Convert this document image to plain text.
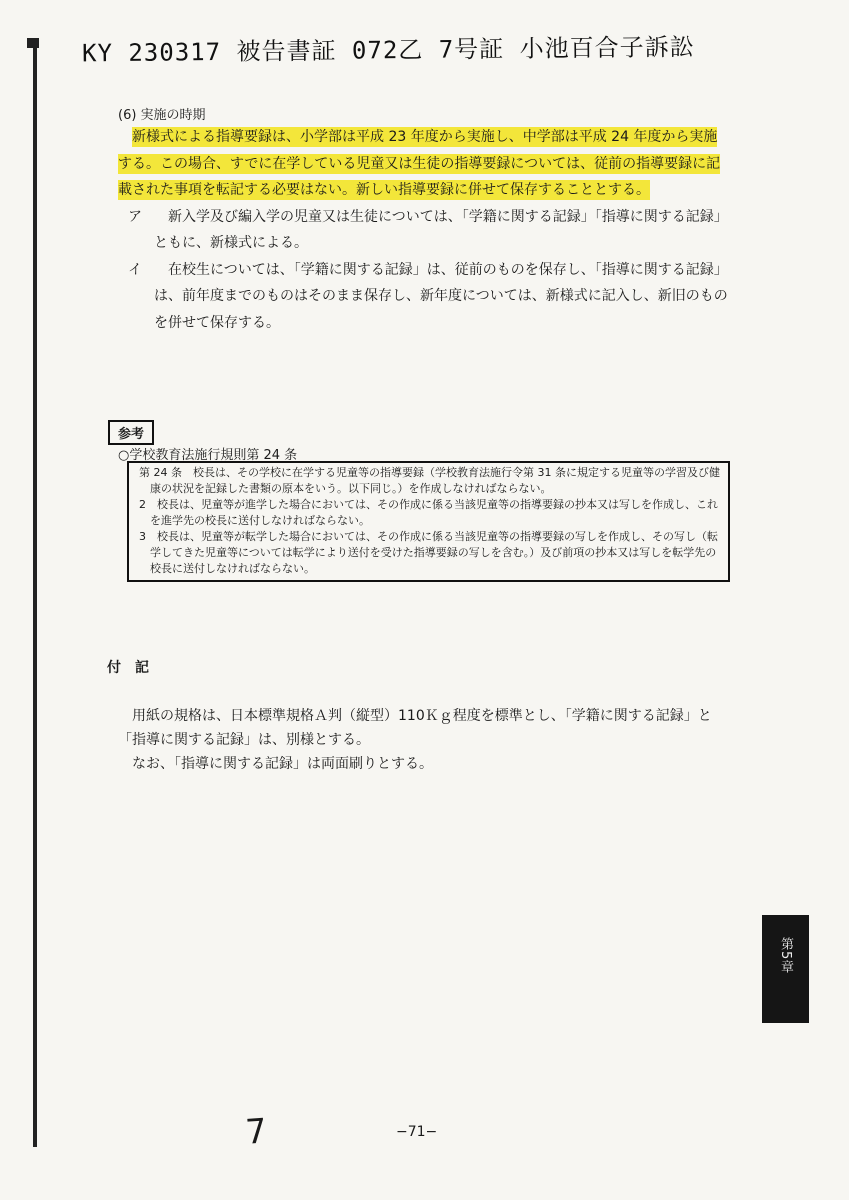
KY 230317 被告書証 072乙 7号証 小池百合子訴訟
(6) 実施の時期
新様式による指導要録は、小学部は平成 23 年度から実施し、中学部は平成 24 年度から実施する。この場合、すでに在学している児童又は生徒の指導要録については、従前の指導要録に記載された事項を転記する必要はない。新しい指導要録に併せて保存することとする。
ア	新入学及び編入学の児童又は生徒については、「学籍に関する記録」「指導に関する記録」ともに、新様式による。
イ	在校生については、「学籍に関する記録」は、従前のものを保存し、「指導に関する記録」は、前年度までのものはそのまま保存し、新年度については、新様式に記入し、新旧のものを併せて保存する。
参考
○学校教育法施行規則第 24 条
第 24 条　校長は、その学校に在学する児童等の指導要録（学校教育法施行令第 31 条に規定する児童等の学習及び健康の状況を記録した書類の原本をいう。以下同じ。）を作成しなければならない。
2　校長は、児童等が進学した場合においては、その作成に係る当該児童等の指導要録の抄本又は写しを作成し、これを進学先の校長に送付しなければならない。
3　校長は、児童等が転学した場合においては、その作成に係る当該児童等の指導要録の写しを作成し、その写し（転学してきた児童等については転学により送付を受けた指導要録の写しを含む。）及び前項の抄本又は写しを転学先の校長に送付しなければならない。
付記
用紙の規格は、日本標準規格Ａ判（縦型）110Ｋｇ程度を標準とし、「学籍に関する記録」と「指導に関する記録」は、別様とする。
なお、「指導に関する記録」は両面刷りとする。
第5章
7	−71−
